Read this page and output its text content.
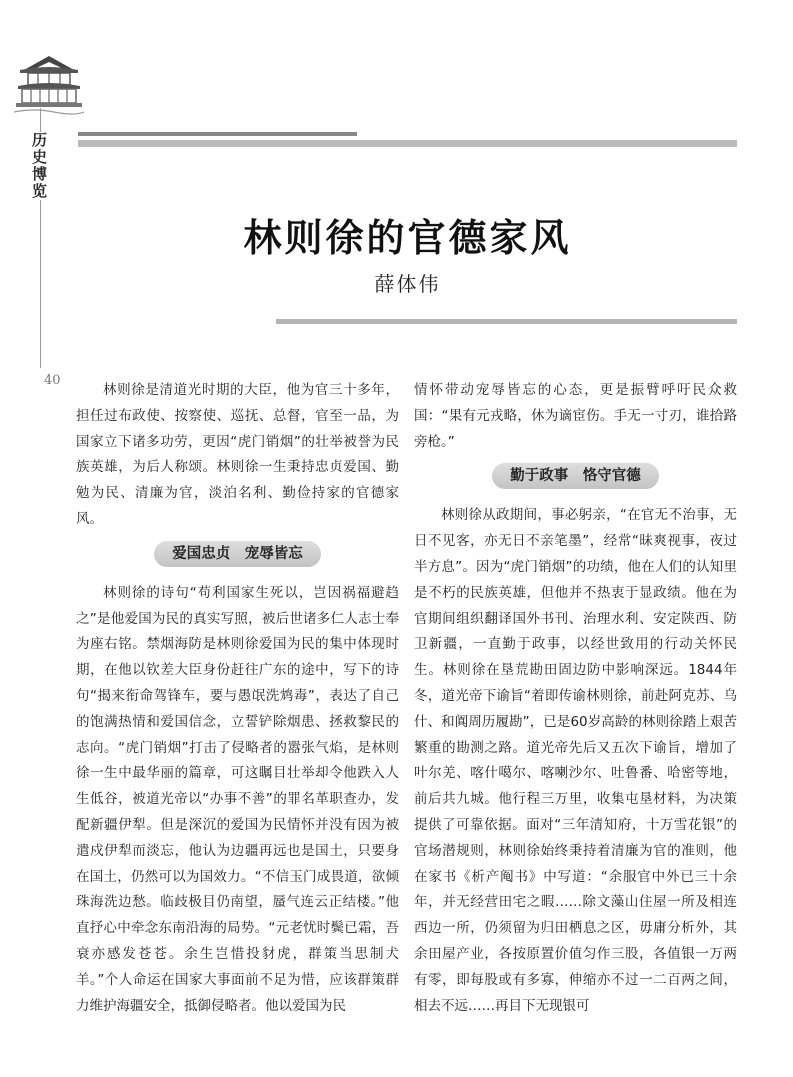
历史博览
40
林则徐的官德家风
薛体伟

林则徐是清道光时期的大臣，他为官三十多年，担任过布政使、按察使、巡抚、总督，官至一品，为国家立下诸多功劳，更因“虎门销烟”的壮举被誉为民族英雄，为后人称颂。林则徐一生秉持忠贞爱国、勤勉为民、清廉为官，淡泊名利、勤俭持家的官德家风。

爱国忠贞　宠辱皆忘

林则徐的诗句“苟利国家生死以，岂因祸福避趋之”是他爱国为民的真实写照，被后世诸多仁人志士奉为座右铭。禁烟海防是林则徐爱国为民的集中体现时期，在他以钦差大臣身份赶往广东的途中，写下的诗句“揭来衔命驾锋车，要与愚氓洗鸩毒”，表达了自己的饱满热情和爱国信念，立誓铲除烟患、拯救黎民的志向。“虎门销烟”打击了侵略者的嚣张气焰，是林则徐一生中最华丽的篇章，可这瞩目壮举却令他跌入人生低谷，被道光帝以“办事不善”的罪名革职查办，发配新疆伊犁。但是深沉的爱国为民情怀并没有因为被遣戍伊犁而淡忘，他认为边疆再远也是国土，只要身在国土，仍然可以为国效力。“不信玉门成畏道，欲倾珠海洗边愁。临歧极目仍南望，蜃气连云正结楼。”他直抒心中牵念东南沿海的局势。“元老忧时鬓已霜，吾衰亦感发苍苍。余生岂惜投豺虎，群策当思制犬羊。”个人命运在国家大事面前不足为惜，应该群策群力维护海疆安全，抵御侵略者。他以爱国为民

情怀带动宠辱皆忘的心态，更是振臂呼吁民众救国：“果有元戎略，休为谪宦伤。手无一寸刃，谁拾路旁枪。”

勤于政事　恪守官德

林则徐从政期间，事必躬亲，“在官无不治事，无日不见客，亦无日不亲笔墨”，经常“昧爽视事，夜过半方息”。因为“虎门销烟”的功绩，他在人们的认知里是不朽的民族英雄，但他并不热衷于显政绩。他在为官期间组织翻译国外书刊、治理水利、安定陕西、防卫新疆，一直勤于政事，以经世致用的行动关怀民生。林则徐在垦荒勘田固边防中影响深远。1844年冬，道光帝下谕旨“着即传谕林则徐，前赴阿克苏、乌什、和阗周历履勘”，已是60岁高龄的林则徐踏上艰苦繁重的勘测之路。道光帝先后又五次下谕旨，增加了叶尔羌、喀什噶尔、喀喇沙尔、吐鲁番、哈密等地，前后共九城。他行程三万里，收集屯垦材料，为决策提供了可靠依据。面对“三年清知府，十万雪花银”的官场潜规则，林则徐始终秉持着清廉为官的准则，他在家书《析产阄书》中写道：“余服官中外已三十余年，并无经营田宅之暇……除文藻山住屋一所及相连西边一所，仍须留为归田栖息之区，毋庸分析外，其余田屋产业，各按原置价值匀作三股，各值银一万两有零，即每股或有多寡，伸缩亦不过一二百两之间，相去不远……再目下无现银可
